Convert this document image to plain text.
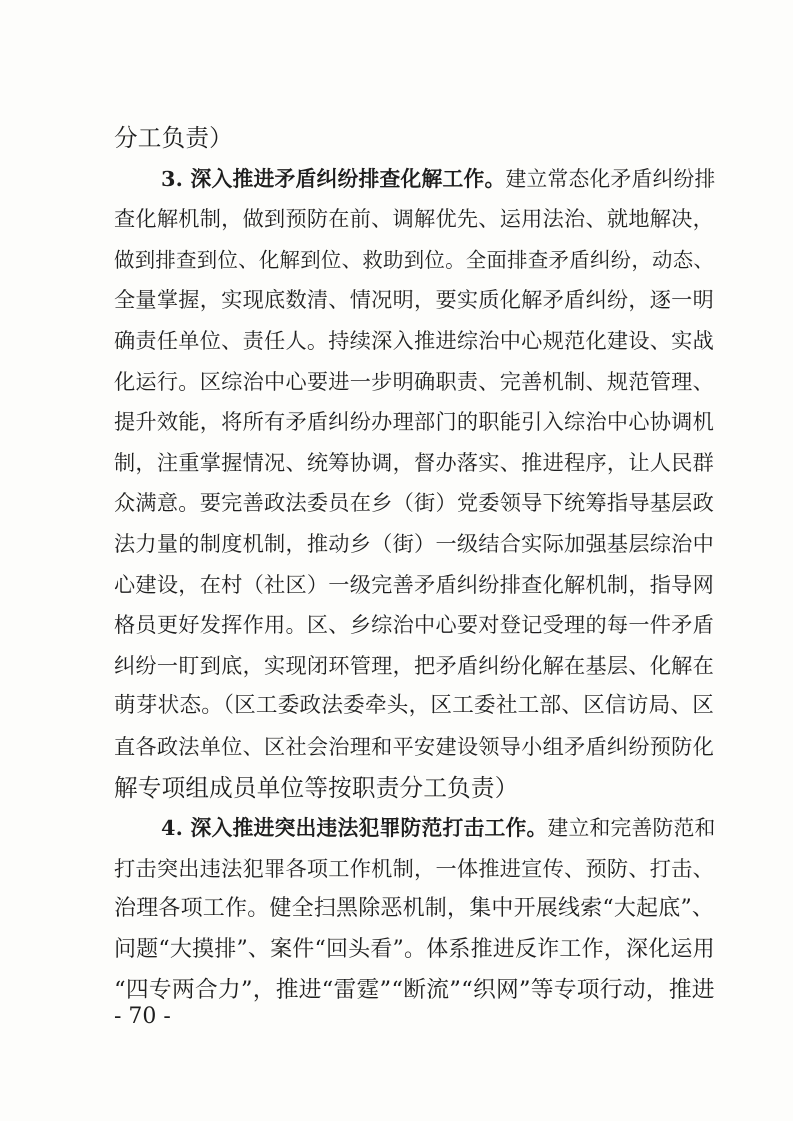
分工负责）
3. 深入推进矛盾纠纷排查化解工作。建立常态化矛盾纠纷排
查化解机制，做到预防在前、调解优先、运用法治、就地解决，
做到排查到位、化解到位、救助到位。全面排查矛盾纠纷，动态、
全量掌握，实现底数清、情况明，要实质化解矛盾纠纷，逐一明
确责任单位、责任人。持续深入推进综治中心规范化建设、实战
化运行。区综治中心要进一步明确职责、完善机制、规范管理、
提升效能，将所有矛盾纠纷办理部门的职能引入综治中心协调机
制，注重掌握情况、统筹协调，督办落实、推进程序，让人民群
众满意。要完善政法委员在乡（街）党委领导下统筹指导基层政
法力量的制度机制，推动乡（街）一级结合实际加强基层综治中
心建设，在村（社区）一级完善矛盾纠纷排查化解机制，指导网
格员更好发挥作用。区、乡综治中心要对登记受理的每一件矛盾
纠纷一盯到底，实现闭环管理，把矛盾纠纷化解在基层、化解在
萌芽状态。（区工委政法委牵头，区工委社工部、区信访局、区
直各政法单位、区社会治理和平安建设领导小组矛盾纠纷预防化
解专项组成员单位等按职责分工负责）
4. 深入推进突出违法犯罪防范打击工作。建立和完善防范和
打击突出违法犯罪各项工作机制，一体推进宣传、预防、打击、
治理各项工作。健全扫黑除恶机制，集中开展线索“大起底”、
问题“大摸排”、案件“回头看”。体系推进反诈工作，深化运用
“四专两合力”，推进“雷霆”“断流”“织网”等专项行动，推进
- 70 -
